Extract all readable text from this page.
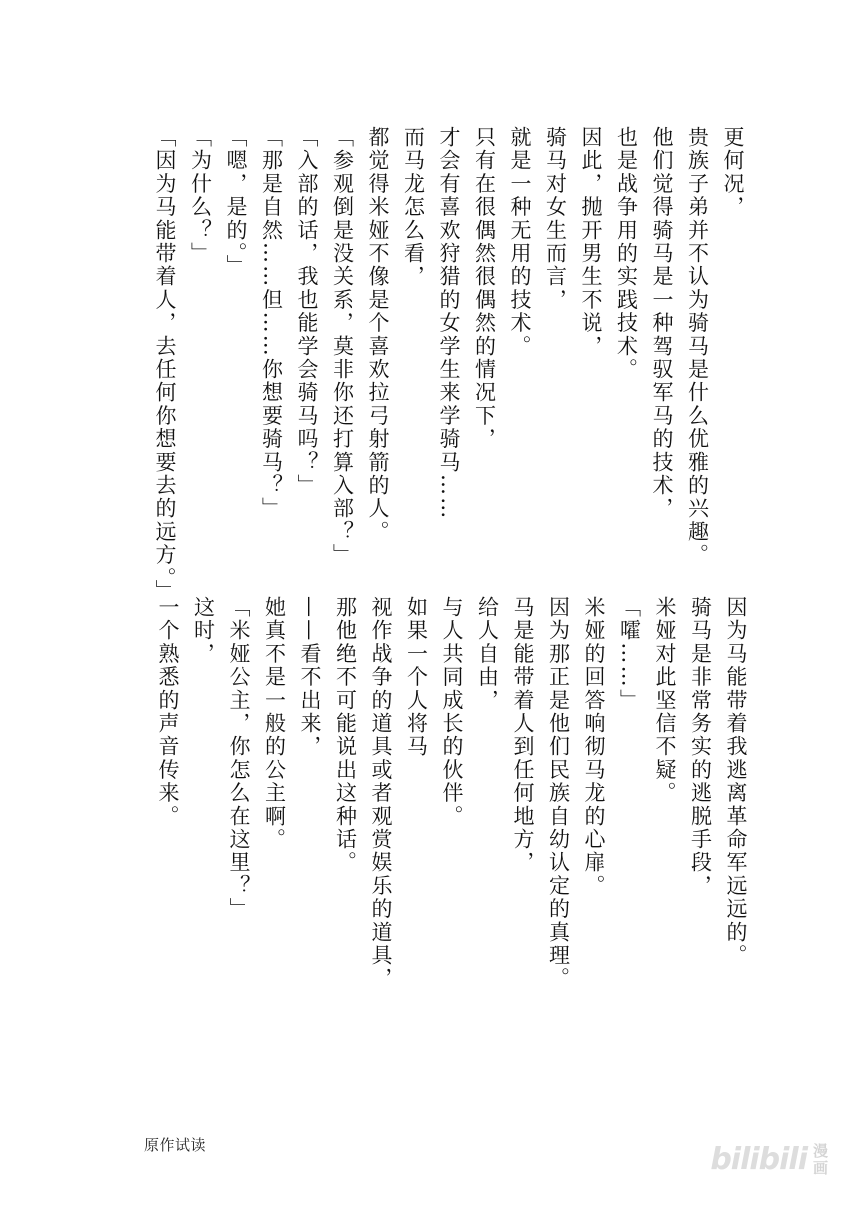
更何况，
贵族子弟并不认为骑马是什么优雅的兴趣。
他们觉得骑马是一种驾驭军马的技术，
也是战争用的实践技术。
因此，抛开男生不说，
骑马对女生而言，
就是一种无用的技术。
只有在很偶然很偶然的情况下，
才会有喜欢狩猎的女学生来学骑马……
而马龙怎么看，
都觉得米娅不像是个喜欢拉弓射箭的人。
「参观倒是没关系，莫非你还打算入部？」
「入部的话，我也能学会骑马吗？」
「那是自然……但……你想要骑马？」
「嗯，是的。」
「为什么？」
「因为马能带着人，去任何你想要去的远方。」
因为马能带着我逃离革命军远远的。
骑马是非常务实的逃脱手段，
米娅对此坚信不疑。
「嚯……」
米娅的回答响彻马龙的心扉。
因为那正是他们民族自幼认定的真理。
马是能带着人到任何地方，
给人自由，
与人共同成长的伙伴。
如果一个人将马
视作战争的道具或者观赏娱乐的道具，
那他绝不可能说出这种话。
——看不出来，
她真不是一般的公主啊。
「米娅公主，你怎么在这里？」
这时，
一个熟悉的声音传来。
原作试读	bilibili 漫
画
